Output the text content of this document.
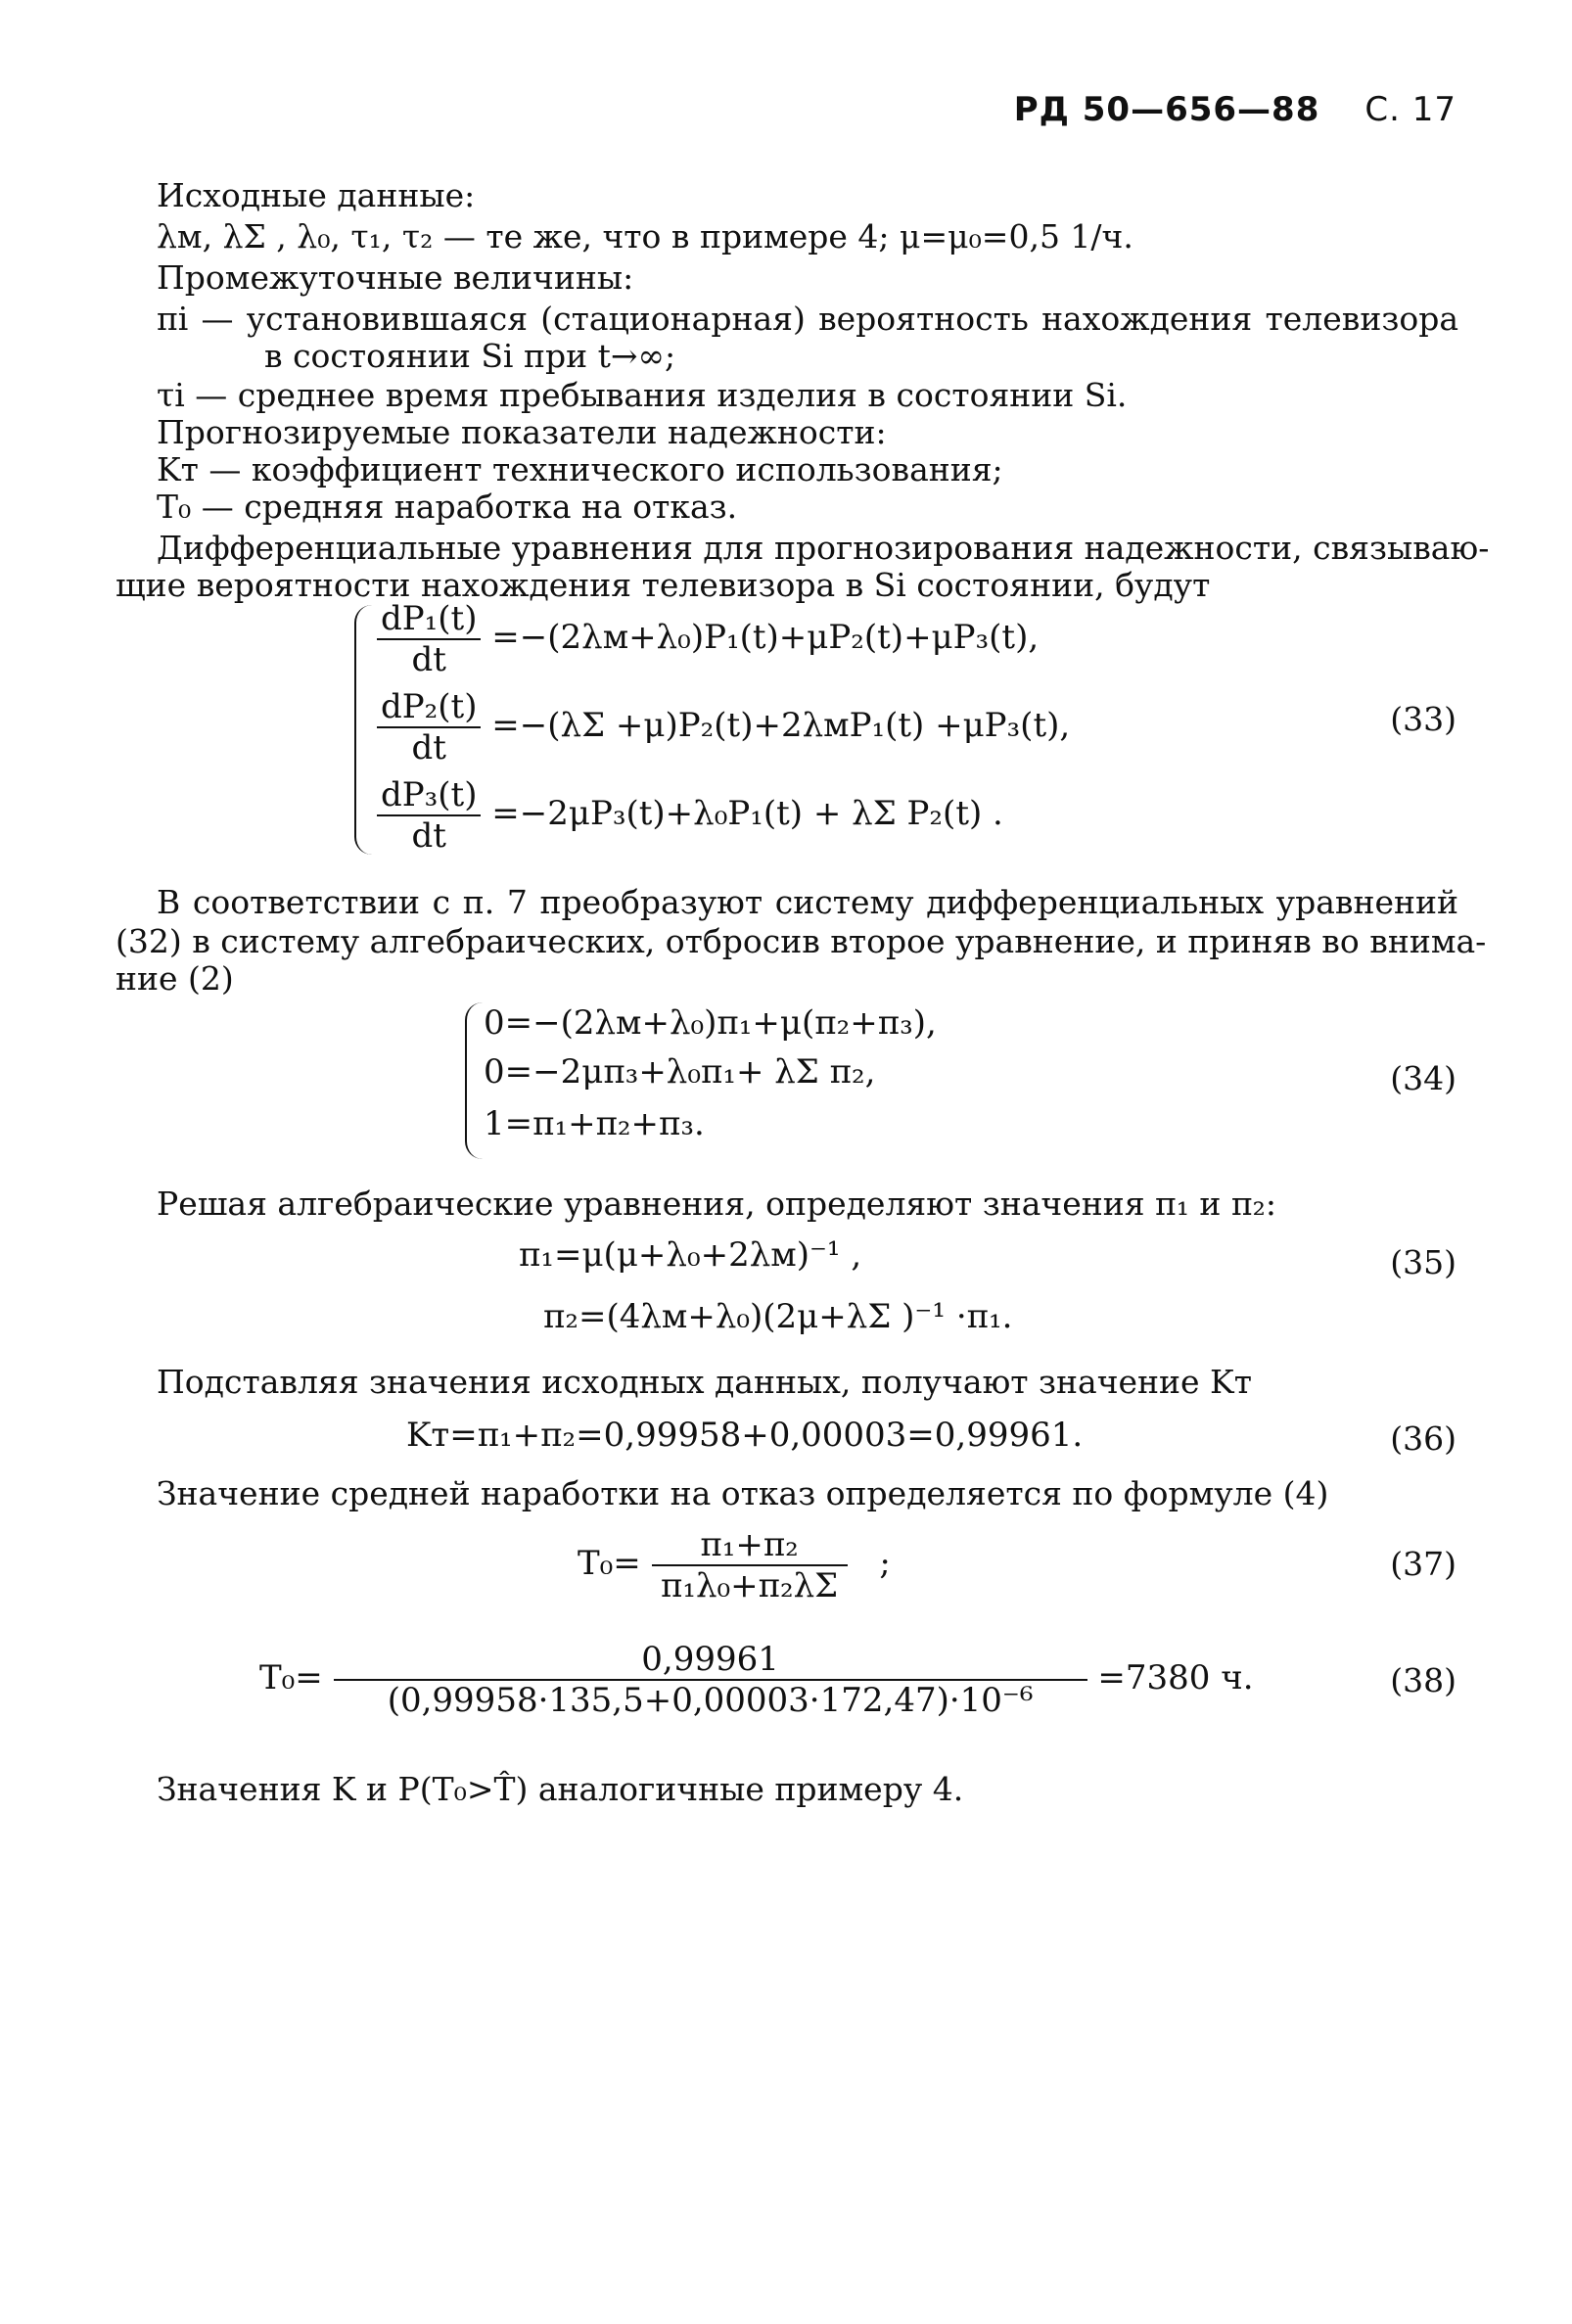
РД 50—656—88 С. 17
Исходные данные:
λм, λΣ , λ₀, τ₁, τ₂ — те же, что в примере 4; μ=μ₀=0,5 1/ч.
Промежуточные величины:
πi — установившаяся (стационарная) вероятность нахождения телевизора
в состоянии Si при t→∞;
τi — среднее время пребывания изделия в состоянии Si.
Прогнозируемые показатели надежности:
Kт — коэффициент технического использования;
T₀ — средняя наработка на отказ.
Дифференциальные уравнения для прогнозирования надежности, связываю-
щие вероятности нахождения телевизора в Si состоянии, будут
$\frac{\text{dP₁(t)}}{dt} =-(2\lambda м+\lambda_0)P_1(t)+\mu P_2(t)+\mu P_3(t)$,
$\frac{\text{dP₂(t)}}{dt} =-(\lambda\Sigma +\mu)P_2(t)+2\lambda мP_1(t) +\mu P_3(t)$,
$\frac{\text{dP₃(t)}}{dt} =-2\mu P_3(t)+\lambda_0P_1(t) + \lambda\Sigma$ P₂(t) .
(33)
В соответствии с п. 7 преобразуют систему дифференциальных уравнений
(32) в систему алгебраических, отбросив второе уравнение, и приняв во внима-
ние (2)
0=−(2λм+λ₀)π₁+μ(π₂+π₃),
0=−2μπ₃+λ₀π₁+ λΣ π₂,
1=π₁+π₂+π₃.
(34)
Решая алгебраические уравнения, определяют значения π₁ и π₂:
π₁=μ(μ+λ₀+2λм)⁻¹ ,
π₂=(4λм+λ₀)(2μ+λΣ )⁻¹ ·π₁.
(35)
Подставляя значения исходных данных, получают значение Kт
Kт=π₁+π₂=0,99958+0,00003=0,99961.	(36)
Значение средней наработки на отказ определяется по формуле (4)
$T_0= \frac{\text{π₁+π₂}}{\text{π₁λ₀+π₂λΣ}}$ ;	(37)
$T_0= \frac{0,99961}{\text{(0,99958·135,5+0,00003·172,47)·10⁻⁶}} =7380$ ч.	(38)
Значения K и P(T₀>T̂) аналогичные примеру 4.
